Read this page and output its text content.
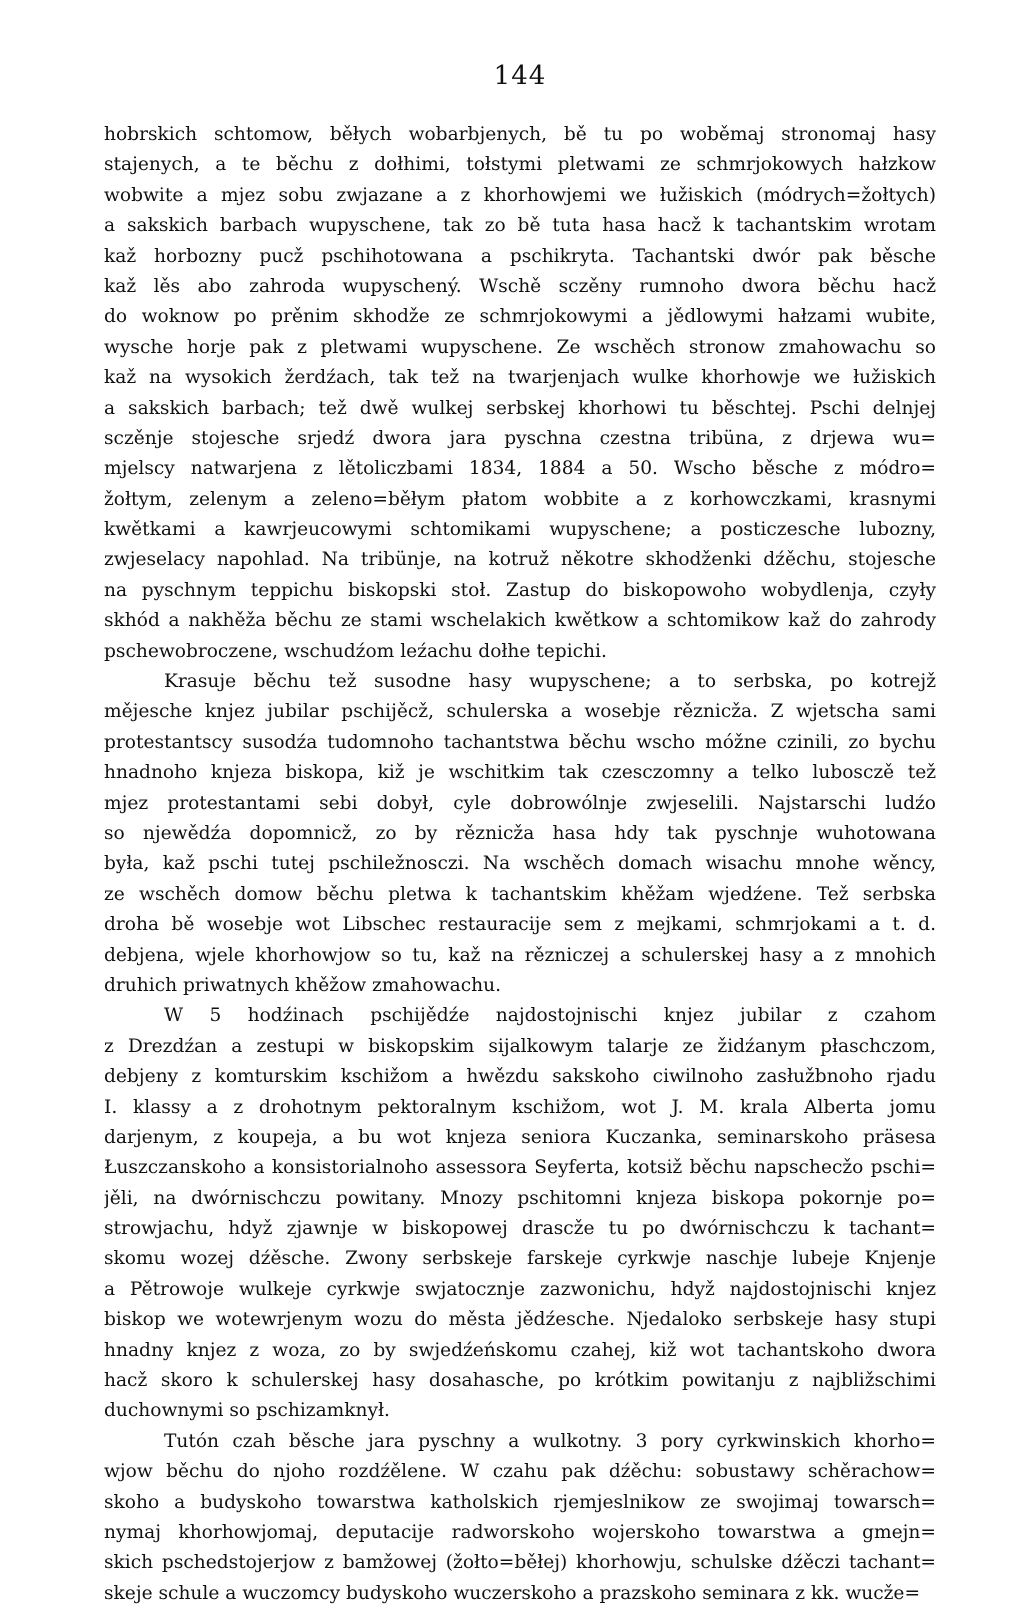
144
hobrskich schtomow, běłych wobarbjenych, bě tu po woběmaj stronomaj hasy
stajenych, a te běchu z dołhimi, tołstymi pletwami ze schmrjokowych hałzkow
wobwite a mjez sobu zwjazane a z khorhowjemi we łužiskich (módrych=žołtych)
a sakskich barbach wupyschene, tak zo bě tuta hasa hacž k tachantskim wrotam
kaž horbozny pucž pschihotowana a pschikryta. Tachantski dwór pak běsche
kaž lěs abo zahroda wupyschený. Wschě sczěny rumnoho dwora běchu hacž
do woknow po prěnim skhodže ze schmrjokowymi a jědlowymi hałzami wubite,
wysche horje pak z pletwami wupyschene. Ze wschěch stronow zmahowachu so
kaž na wysokich žerdźach, tak tež na twarjenjach wulke khorhowje we łužiskich
a sakskich barbach; tež dwě wulkej serbskej khorhowi tu běschtej. Pschi delnjej
sczěnje stojesche srjedź dwora jara pyschna czestna tribüna, z drjewa wu=
mjelscy natwarjena z lětoliczbami 1834, 1884 a 50. Wscho běsche z módro=
žołtym, zelenym a zeleno=běłym płatom wobbite a z korhowczkami, krasnymi
kwětkami a kawrjeucowymi schtomikami wupyschene; a posticzesche lubozny,
zwjeselacy napohlad. Na tribünje, na kotruž někotre skhodženki dźěchu, stojesche
na pyschnym teppichu biskopski stoł. Zastup do biskopowoho wobydlenja, czyły
skhód a nakhěža běchu ze stami wschelakich kwětkow a schtomikow kaž do zahrody
pschewobroczene, wschudźom leźachu dołhe tepichi.
Krasuje běchu tež susodne hasy wupyschene; a to serbska, po kotrejž
mějesche knjez jubilar pschijěcž, schulerska a wosebje rěznicža. Z wjetscha sami
protestantscy susodźa tudomnoho tachantstwa běchu wscho móžne czinili, zo bychu
hnadnoho knjeza biskopa, kiž je wschitkim tak czesczomny a telko lubosczě tež
mjez protestantami sebi dobył, cyle dobrowólnje zwjeselili. Najstarschi ludźo
so njewědźa dopomnicž, zo by rěznicža hasa hdy tak pyschnje wuhotowana
była, kaž pschi tutej pschiležnosczi. Na wschěch domach wisachu mnohe wěncy,
ze wschěch domow běchu pletwa k tachantskim khěžam wjedźene. Tež serbska
droha bě wosebje wot Libschec restauracije sem z mejkami, schmrjokami a t. d.
debjena, wjele khorhowjow so tu, kaž na rězniczej a schulerskej hasy a z mnohich
druhich priwatnych khěžow zmahowachu.
W 5 hodźinach pschijědźe najdostojnischi knjez jubilar z czahom
z Drezdźan a zestupi w biskopskim sijalkowym talarje ze židźanym płaschczom,
debjeny z komturskim kschižom a hwězdu sakskoho ciwilnoho zasłužbnoho rjadu
I. klassy a z drohotnym pektoralnym kschižom, wot J. M. krala Alberta jomu
darjenym, z koupeja, a bu wot knjeza seniora Kuczanka, seminarskoho präsesa
Łuszczanskoho a konsistorialnoho assessora Seyferta, kotsiž běchu napschecžo pschi=
jěli, na dwórnischczu powitany. Mnozy pschitomni knjeza biskopa pokornje po=
strowjachu, hdyž zjawnje w biskopowej drascže tu po dwórnischczu k tachant=
skomu wozej dźěsche. Zwony serbskeje farskeje cyrkwje naschje lubeje Knjenje
a Pětrowoje wulkeje cyrkwje swjatocznje zazwonichu, hdyž najdostojnischi knjez
biskop we wotewrjenym wozu do města jědźesche. Njedaloko serbskeje hasy stupi
hnadny knjez z woza, zo by swjedźeńskomu czahej, kiž wot tachantskoho dwora
hacž skoro k schulerskej hasy dosahasche, po krótkim powitanju z najbližschimi
duchownymi so pschizamknył.
Tutón czah běsche jara pyschny a wulkotny. 3 pory cyrkwinskich khorho=
wjow běchu do njoho rozdźělene. W czahu pak dźěchu: sobustawy schěrachow=
skoho a budyskoho towarstwa katholskich rjemjeslnikow ze swojimaj towarsch=
nymaj khorhowjomaj, deputacije radworskoho wojerskoho towarstwa a gmejn=
skich pschedstojerjow z bamžowej (žołto=běłej) khorhowju, schulske dźěczi tachant=
skeje schule a wuczomcy budyskoho wuczerskoho a prazskoho seminara z kk. wucže=
